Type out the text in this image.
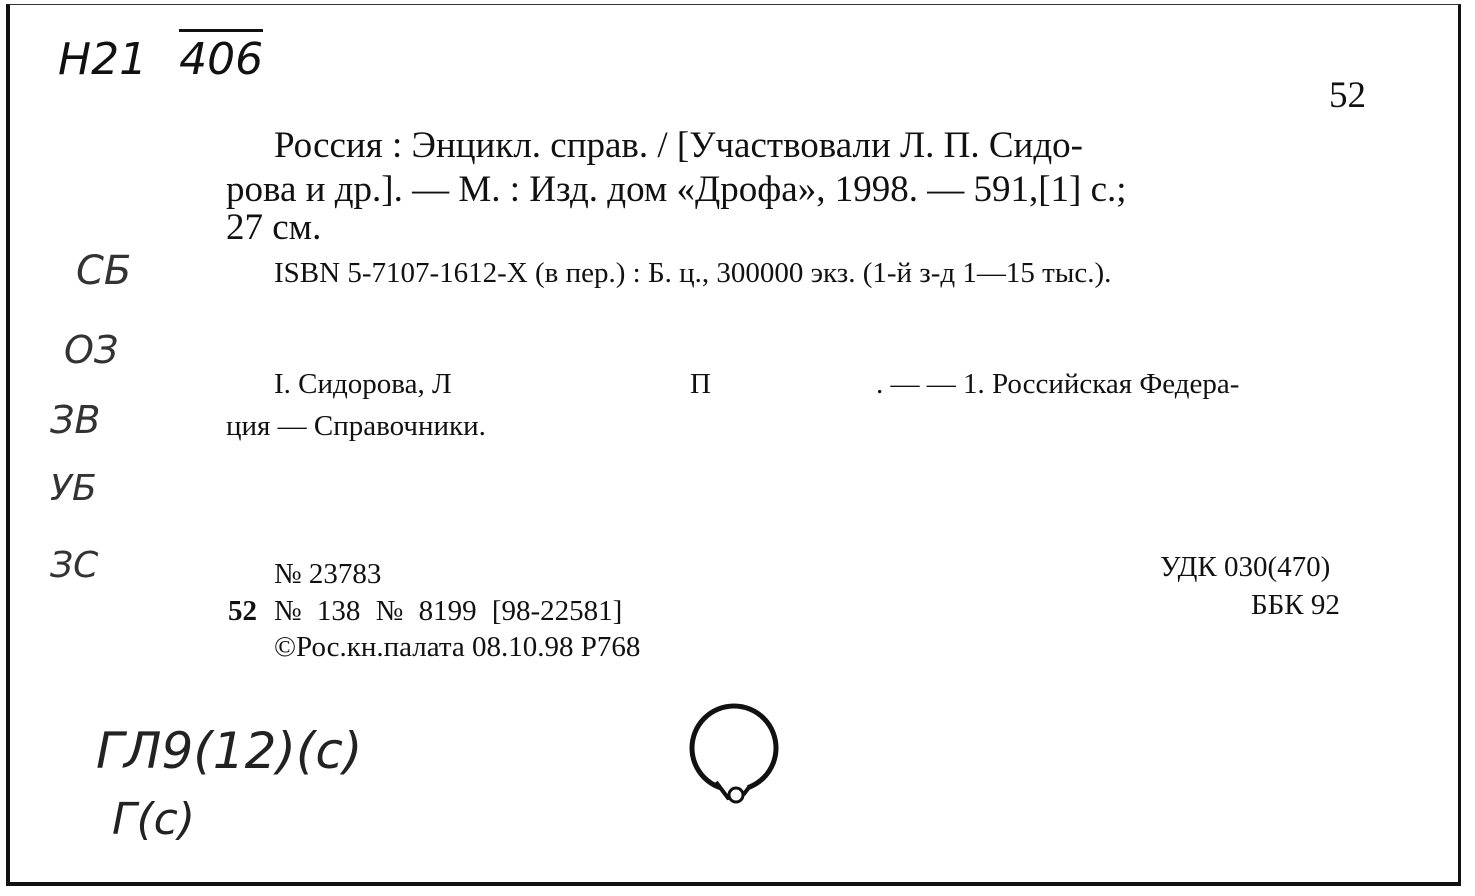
Н21 406
52
Россия : Энцикл. справ. / [Участвовали Л. П. Сидо-
рова и др.]. — М. : Изд. дом «Дрофа», 1998. — 591,[1] с.;
27 см.
ISBN 5-7107-1612-X (в пер.) : Б. ц., 300000 экз. (1-й з-д 1—15 тыс.).
I. Сидорова, Л	П	. — — 1. Российская Федера-
ция — Справочники.
№ 23783
52 № 138 № 8199 [98-22581]
©Рос.кн.палата 08.10.98 Р768
УДК 030(470)
ББК 92
СБ
ОЗ
ЗВ
УБ
ЗС
ГЛ9(12)(с)
Г(с)
